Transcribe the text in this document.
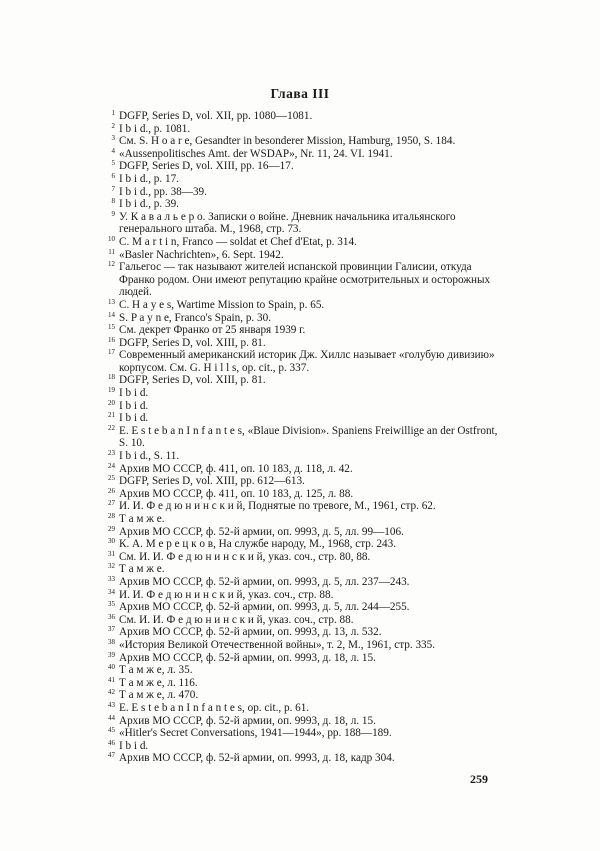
Глава III
1 DGFP, Series D, vol. XII, pp. 1080—1081.
2 I b i d., p. 1081.
3 См. S. H o a r e, Gesandter in besonderer Mission, Hamburg, 1950, S. 184.
4 «Aussenpolitisches Amt. der WSDAP», Nr. 11, 24. VI. 1941.
5 DGFP, Series D, vol. XIII, pp. 16—17.
6 I b i d., p. 17.
7 I b i d., pp. 38—39.
8 I b i d., p. 39.
9 У. К а в а л ь е р о. Записки о войне. Дневник начальника итальянского генерального штаба. М., 1968, стр. 73.
10 C. M a r t i n, Franco — soldat et Chef d'Etat, p. 314.
11 «Basler Nachrichten», 6. Sept. 1942.
12 Гальегос — так называют жителей испанской провинции Галисии, откуда Франко родом. Они имеют репутацию крайне осмотрительных и осторожных людей.
13 C. H a y e s, Wartime Mission to Spain, p. 65.
14 S. P a y n e, Franco's Spain, p. 30.
15 См. декрет Франко от 25 января 1939 г.
16 DGFP, Series D, vol. XIII, p. 81.
17 Современный американский историк Дж. Хиллс называет «голубую дивизию» корпусом. См. G. H i l l s, op. cit., p. 337.
18 DGFP, Series D, vol. XIII, p. 81.
19 I b i d.
20 I b i d.
21 I b i d.
22 E. E s t e b a n I n f a n t e s, «Blaue Division». Spaniens Freiwillige an der Ostfront, S. 10.
23 I b i d., S. 11.
24 Архив МО СССР, ф. 411, оп. 10 183, д. 118, л. 42.
25 DGFP, Series D, vol. XIII, pp. 612—613.
26 Архив МО СССР, ф. 411, оп. 10 183, д. 125, л. 88.
27 И. И. Ф е д ю н и н с к и й, Поднятые по тревоге, М., 1961, стр. 62.
28 Т а м ж е.
29 Архив МО СССР, ф. 52-й армии, оп. 9993, д. 5, лл. 99—106.
30 К. А. М е р е ц к о в, На службе народу, М., 1968, стр. 243.
31 См. И. И. Ф е д ю н и н с к и й, указ. соч., стр. 80, 88.
32 Т а м ж е.
33 Архив МО СССР, ф. 52-й армии, оп. 9993, д. 5, лл. 237—243.
34 И. И. Ф е д ю н и н с к и й, указ. соч., стр. 88.
35 Архив МО СССР, ф. 52-й армии, оп. 9993, д. 5, лл. 244—255.
36 См. И. И. Ф е д ю н и н с к и й, указ. соч., стр. 88.
37 Архив МО СССР, ф. 52-й армии, оп. 9993, д. 13, л. 532.
38 «История Великой Отечественной войны», т. 2, М., 1961, стр. 335.
39 Архив МО СССР, ф. 52-й армии, оп. 9993, д. 18, л. 15.
40 Т а м ж е, л. 35.
41 Т а м ж е, л. 116.
42 Т а м ж е, л. 470.
43 E. E s t e b a n I n f a n t e s, op. cit., p. 61.
44 Архив МО СССР, ф. 52-й армии, оп. 9993, д. 18, л. 15.
45 «Hitler's Secret Conversations, 1941—1944», pp. 188—189.
46 I b i d.
47 Архив МО СССР, ф. 52-й армии, оп. 9993, д. 18, кадр 304.
259
